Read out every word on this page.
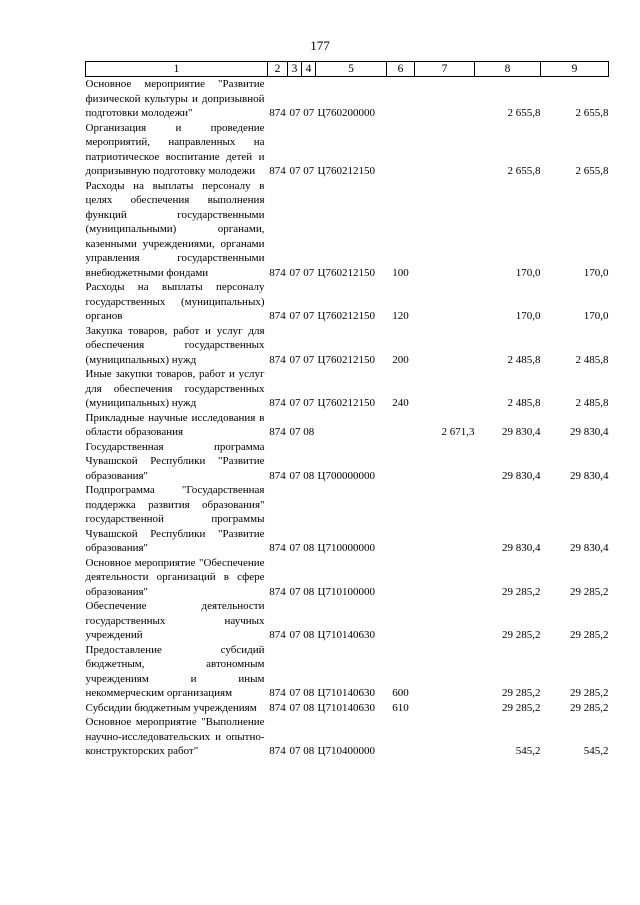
177
1	2	3	4	5	6	7	8	9
Основное мероприятие "Развитие физической культуры и допризывной подготовки молодежи"	874	07 07		Ц760200000			2 655,8	2 655,8
Организация и проведение мероприятий, направленных на патриотическое воспитание детей и допризывную подготовку молодежи	874	07 07		Ц760212150			2 655,8	2 655,8
Расходы на выплаты персоналу в целях обеспечения выполнения функций государственными (муниципальными) органами, казенными учреждениями, органами управления государственными внебюджетными фондами	874	07 07		Ц760212150	100		170,0	170,0
Расходы на выплаты персоналу государственных (муниципальных) органов	874	07 07		Ц760212150	120		170,0	170,0
Закупка товаров, работ и услуг для обеспечения государственных (муниципальных) нужд	874	07 07		Ц760212150	200		2 485,8	2 485,8
Иные закупки товаров, работ и услуг для обеспечения государственных (муниципальных) нужд	874	07 07		Ц760212150	240		2 485,8	2 485,8
Прикладные научные исследования в области образования	874	07 08				2 671,3	29 830,4	29 830,4
Государственная программа Чувашской Республики "Развитие образования"	874	07 08		Ц700000000			29 830,4	29 830,4
Подпрограмма "Государственная поддержка развития образования" государственной программы Чувашской Республики "Развитие образования"	874	07 08		Ц710000000			29 830,4	29 830,4
Основное мероприятие "Обеспечение деятельности организаций в сфере образования"	874	07 08		Ц710100000			29 285,2	29 285,2
Обеспечение деятельности государственных научных учреждений	874	07 08		Ц710140630			29 285,2	29 285,2
Предоставление субсидий бюджетным, автономным учреждениям и иным некоммерческим организациям	874	07 08		Ц710140630	600		29 285,2	29 285,2
Субсидии бюджетным учреждениям	874	07 08		Ц710140630	610		29 285,2	29 285,2
Основное мероприятие "Выполнение научно-исследовательских и опытно-конструкторских работ"	874	07 08		Ц710400000			545,2	545,2
